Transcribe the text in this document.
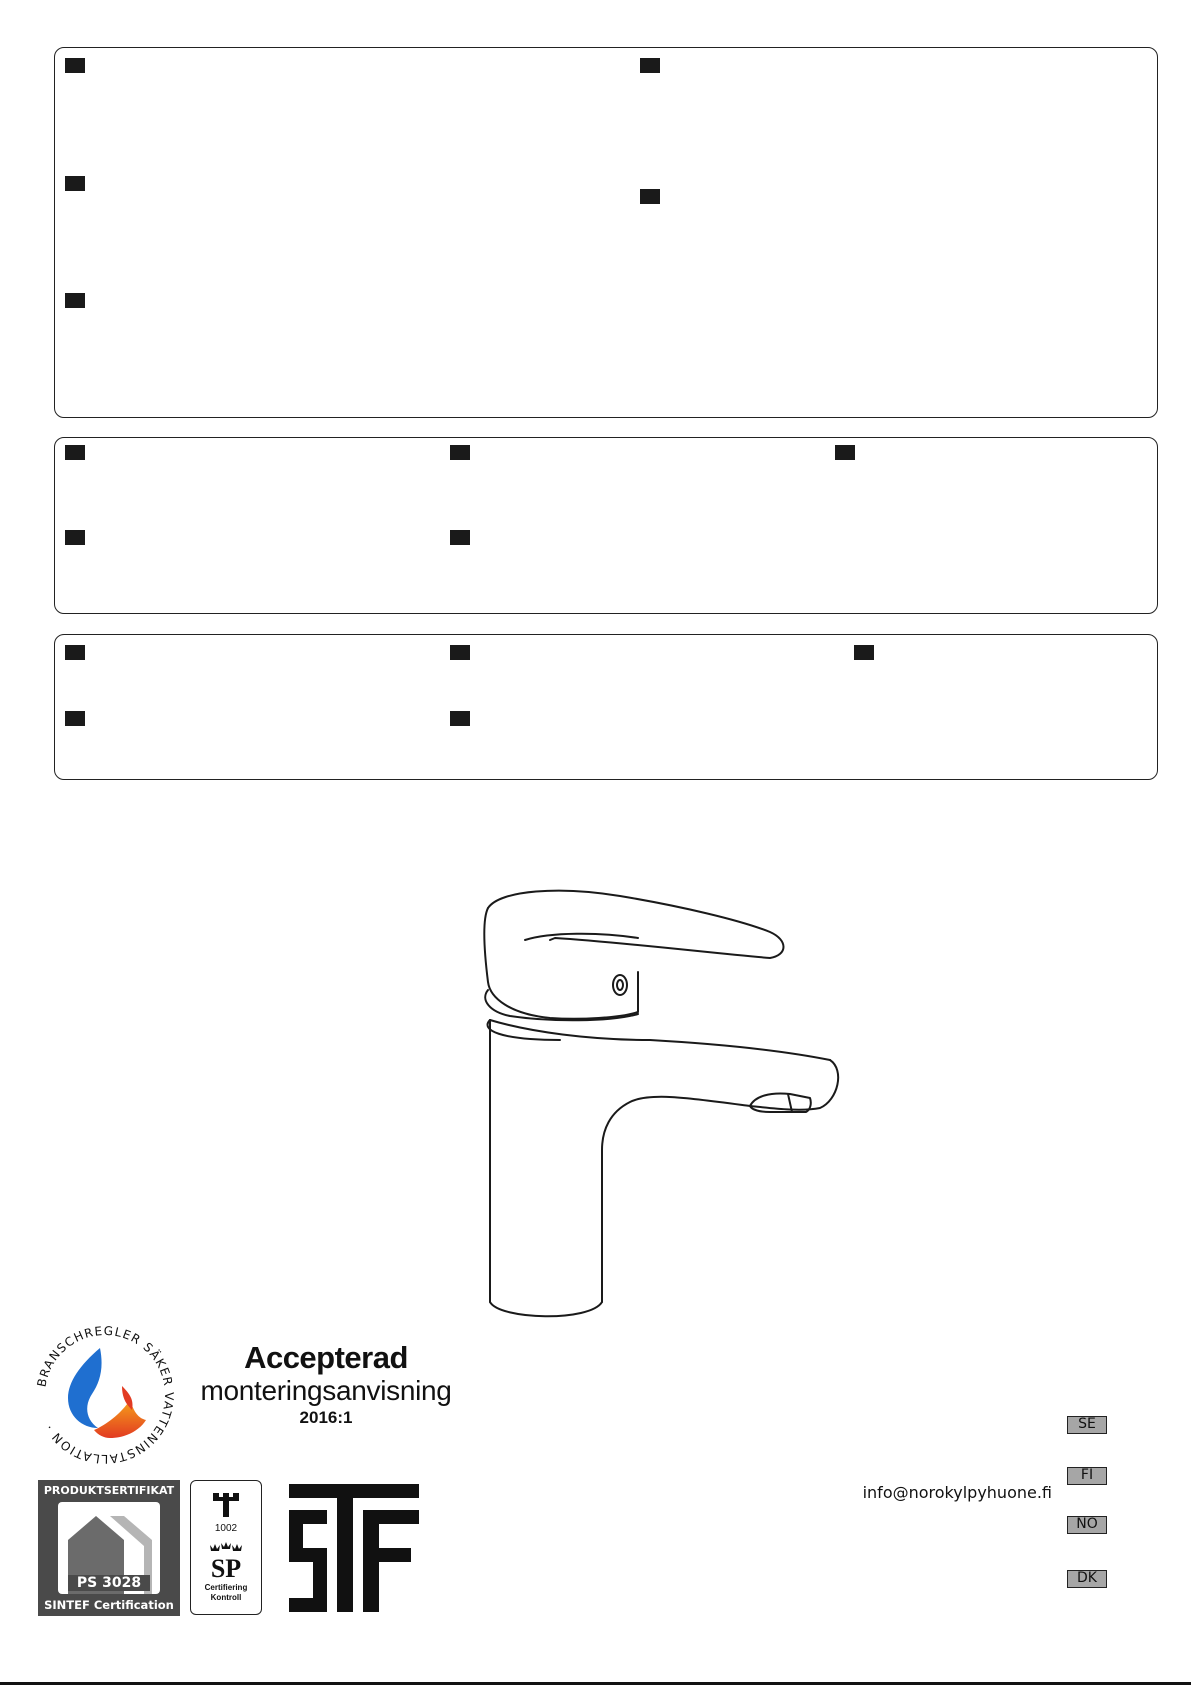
BRANSCHREGLER SÄKER VATTENINSTALLATION ·
Accepterad
monteringsanvisning
2016:1
PRODUKTSERTIFIKAT
PS 3028
SINTEF Certification
1002
SP
Certifiering
Kontroll
info@norokylpyhuone.fi
SE
FI
NO
DK
